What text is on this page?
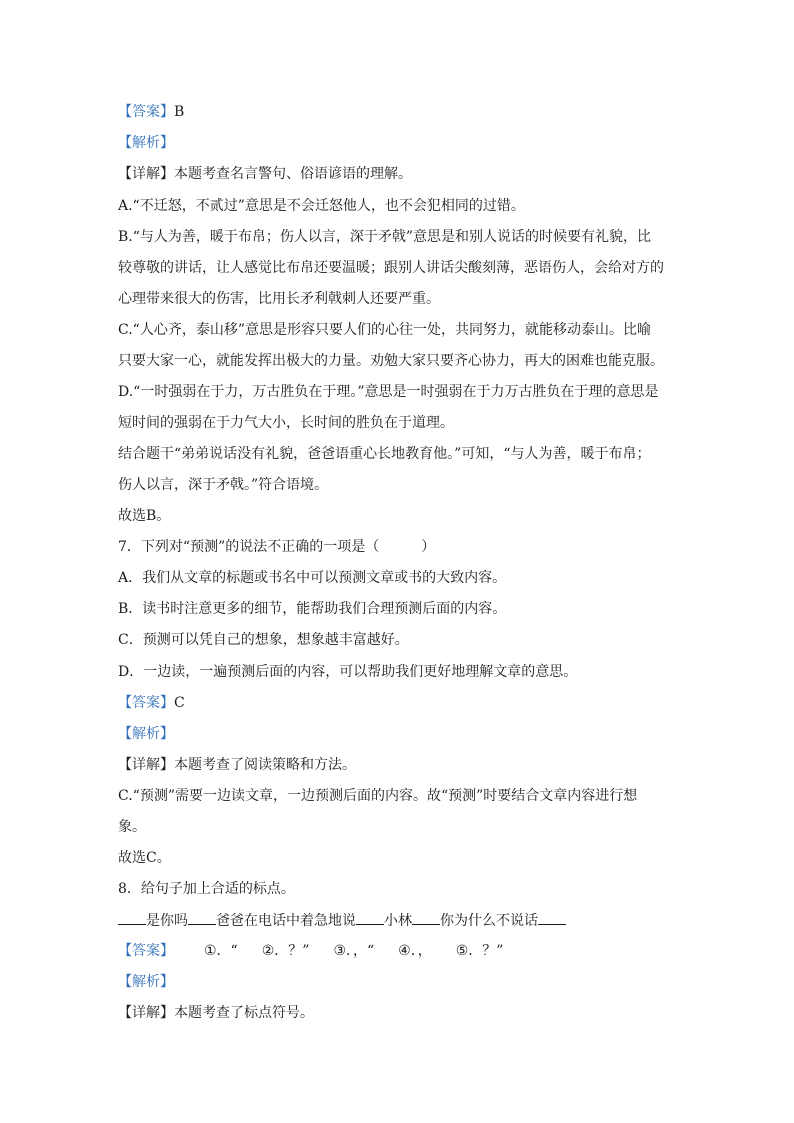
【答案】B
【解析】
【详解】本题考查名言警句、俗语谚语的理解。
A.“不迁怒，不贰过”意思是不会迁怒他人，也不会犯相同的过错。
B.“与人为善，暖于布帛；伤人以言，深于矛戟”意思是和别人说话的时候要有礼貌，比
较尊敬的讲话，让人感觉比布帛还要温暖；跟别人讲话尖酸刻薄，恶语伤人，会给对方的
心理带来很大的伤害，比用长矛利戟刺人还要严重。
C.“人心齐，泰山移”意思是形容只要人们的心往一处，共同努力，就能移动泰山。比喻
只要大家一心，就能发挥出极大的力量。劝勉大家只要齐心协力，再大的困难也能克服。
D.“一时强弱在于力，万古胜负在于理。”意思是一时强弱在于力万古胜负在于理的意思是
短时间的强弱在于力气大小，长时间的胜负在于道理。
结合题干“弟弟说话没有礼貌，爸爸语重心长地教育他。”可知，“与人为善，暖于布帛；
伤人以言，深于矛戟。”符合语境。
故选B。
7．下列对“预测”的说法不正确的一项是（　　　）
A．我们从文章的标题或书名中可以预测文章或书的大致内容。
B．读书时注意更多的细节，能帮助我们合理预测后面的内容。
C．预测可以凭自己的想象，想象越丰富越好。
D．一边读，一遍预测后面的内容，可以帮助我们更好地理解文章的意思。
【答案】C
【解析】
【详解】本题考查了阅读策略和方法。
C.“预测”需要一边读文章，一边预测后面的内容。故“预测”时要结合文章内容进行想
象。
故选C。
8．给句子加上合适的标点。
是你吗 爸爸在电话中着急地说 小林 你为什么不说话
【答案】 ①．“ ②．？” ③．，“ ④．， ⑤．？”
【解析】
【详解】本题考查了标点符号。
